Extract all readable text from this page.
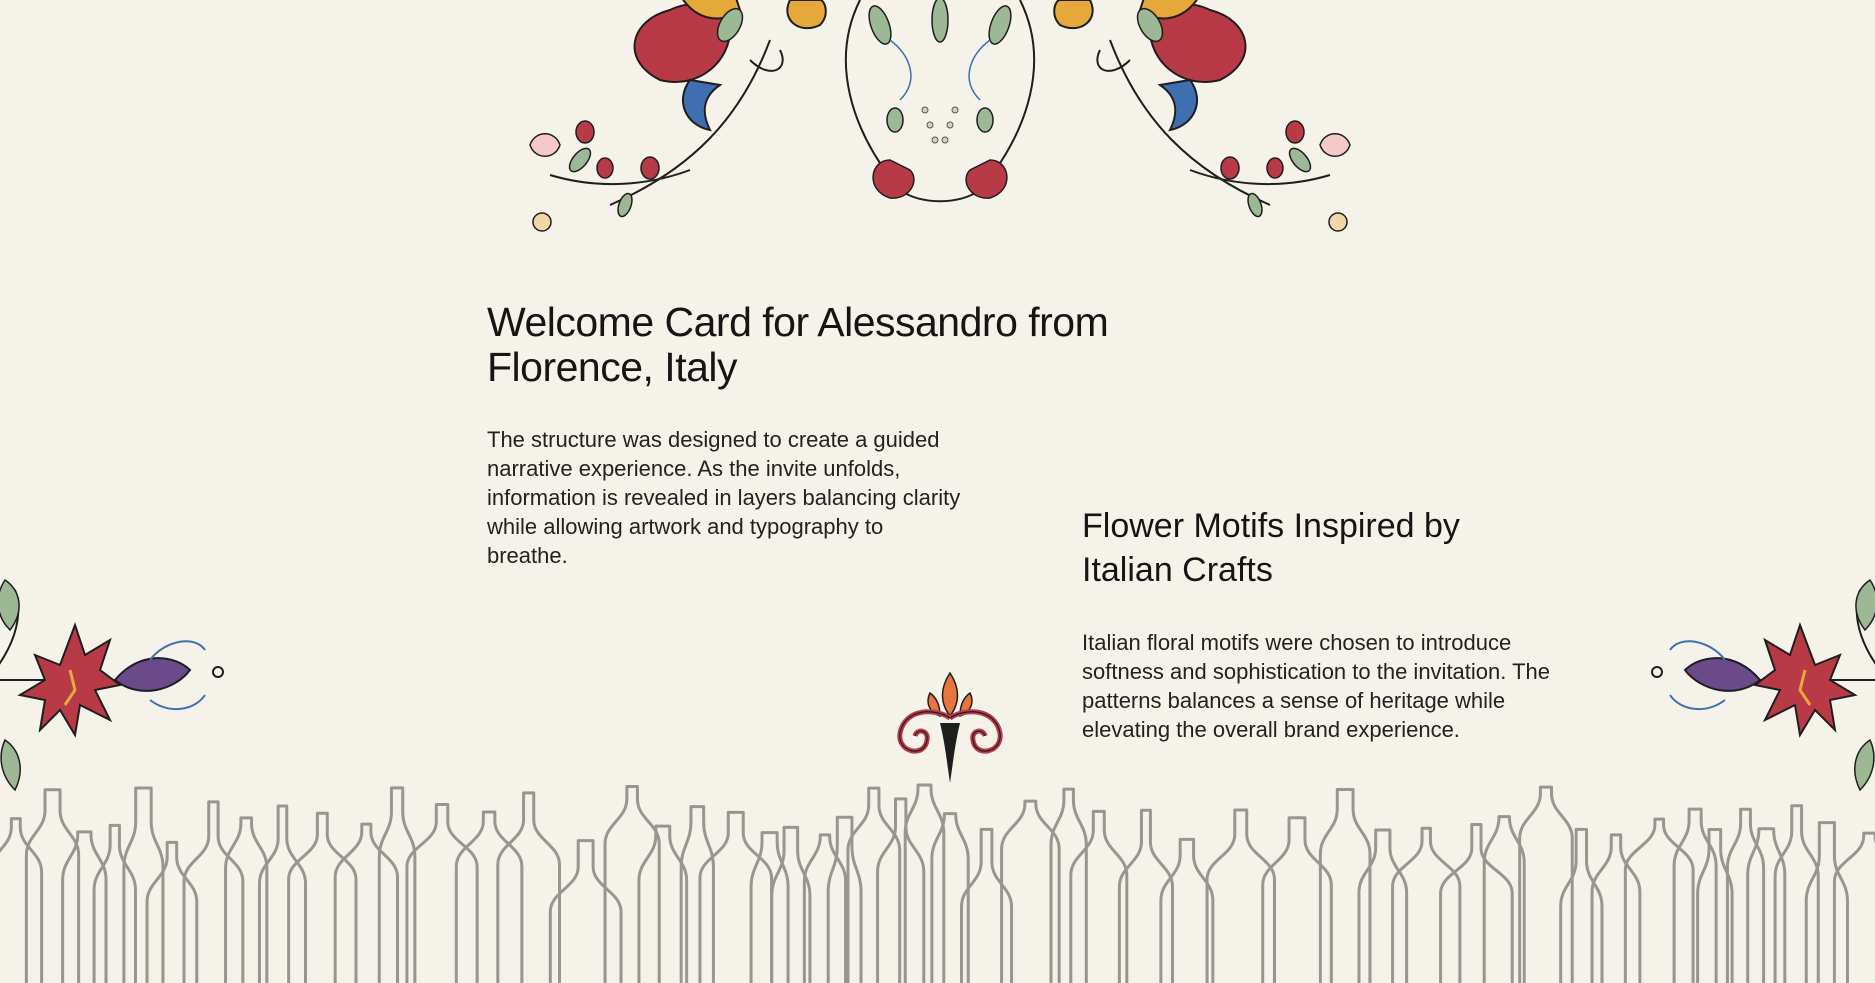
Welcome Card for Alessandro from Florence, Italy

The structure was designed to create a guided narrative experience. As the invite unfolds, information is revealed in layers balancing clarity while allowing artwork and typography to breathe.

Flower Motifs Inspired by Italian Crafts

Italian floral motifs were chosen to introduce softness and sophistication to the invitation. The patterns balances a sense of heritage while elevating the overall brand experience.
